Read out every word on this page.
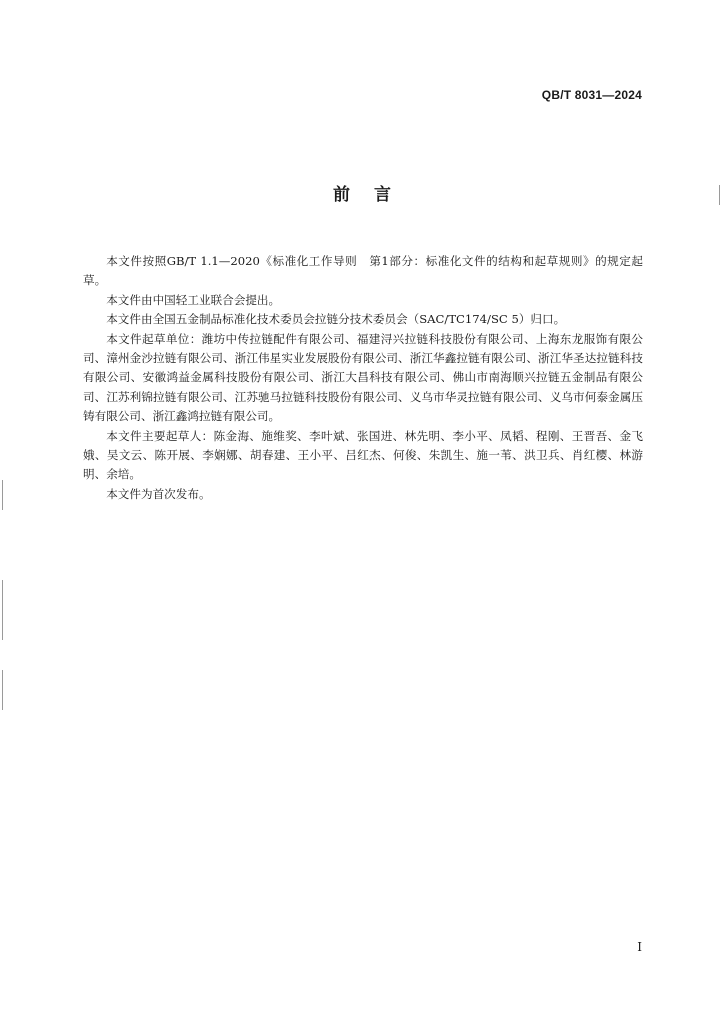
QB/T 8031—2024
前言

本文件按照GB/T 1.1—2020《标准化工作导则　第1部分：标准化文件的结构和起草规则》的规定起草。

本文件由中国轻工业联合会提出。

本文件由全国五金制品标准化技术委员会拉链分技术委员会（SAC/TC174/SC 5）归口。

本文件起草单位：潍坊中传拉链配件有限公司、福建浔兴拉链科技股份有限公司、上海东龙服饰有限公司、漳州金沙拉链有限公司、浙江伟星实业发展股份有限公司、浙江华鑫拉链有限公司、浙江华圣达拉链科技有限公司、安徽鸿益金属科技股份有限公司、浙江大昌科技有限公司、佛山市南海顺兴拉链五金制品有限公司、江苏利锦拉链有限公司、江苏驰马拉链科技股份有限公司、义乌市华灵拉链有限公司、义乌市何泰金属压铸有限公司、浙江鑫鸿拉链有限公司。

本文件主要起草人：陈金海、施维奖、李叶斌、张国进、林先明、李小平、凤韬、程刚、王晋吾、金飞娥、吴文云、陈开展、李娴娜、胡春建、王小平、吕红杰、何俊、朱凯生、施一苇、洪卫兵、肖红樱、林游明、余培。

本文件为首次发布。

I
